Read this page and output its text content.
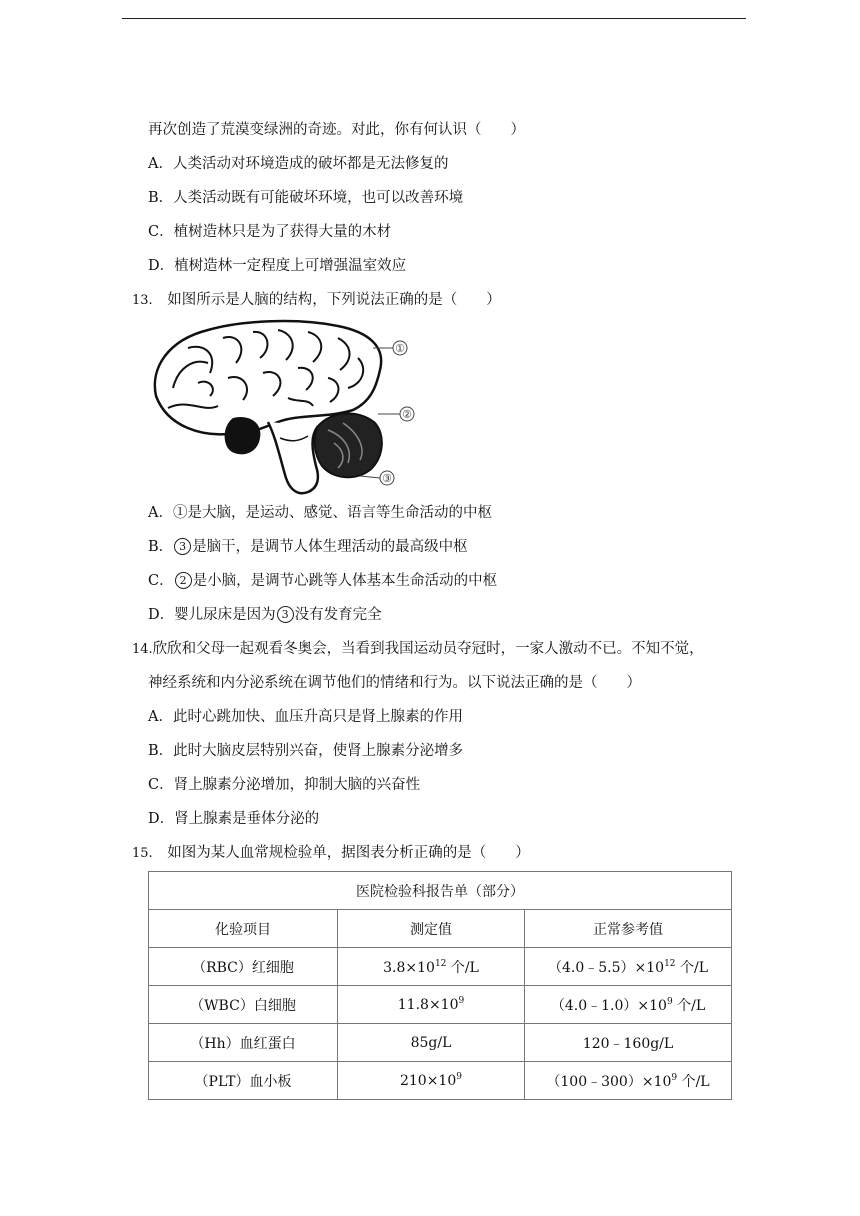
再次创造了荒漠变绿洲的奇迹。对此，你有何认识（　　）
A．人类活动对环境造成的破坏都是无法修复的
B．人类活动既有可能破坏环境，也可以改善环境
C．植树造林只是为了获得大量的木材
D．植树造林一定程度上可增强温室效应
13. 如图所示是人脑的结构，下列说法正确的是（　　）
①
②
③
A．①是大脑，是运动、感觉、语言等生命活动的中枢
B． 3 是脑干，是调节人体生理活动的最高级中枢
C． 2 是小脑，是调节心跳等人体基本生命活动的中枢
D．婴儿尿床是因为 3 没有发育完全
14.欣欣和父母一起观看冬奥会，当看到我国运动员夺冠时，一家人激动不已。不知不觉，
神经系统和内分泌系统在调节他们的情绪和行为。以下说法正确的是（　　）
A．此时心跳加快、血压升高只是肾上腺素的作用
B．此时大脑皮层特别兴奋，使肾上腺素分泌增多
C．肾上腺素分泌增加，抑制大脑的兴奋性
D．肾上腺素是垂体分泌的
15. 如图为某人血常规检验单，据图表分析正确的是（　　）
医院检验科报告单（部分）		
化验项目	测定值	正常参考值
（RBC）红细胞	$3.8\times 10^{12}$ 个/L	$(4.0﹣5.5)\times 10^{12}$ 个/L
（WBC）白细胞	$11.8\times 10^9$	$(4.0﹣1.0)\times 10^9$ 个/L
（Hh）血红蛋白	85g/L	120﹣160g/L
（PLT）血小板	$210\times 10^9$	$(100﹣300)\times 10^9$ 个/L
